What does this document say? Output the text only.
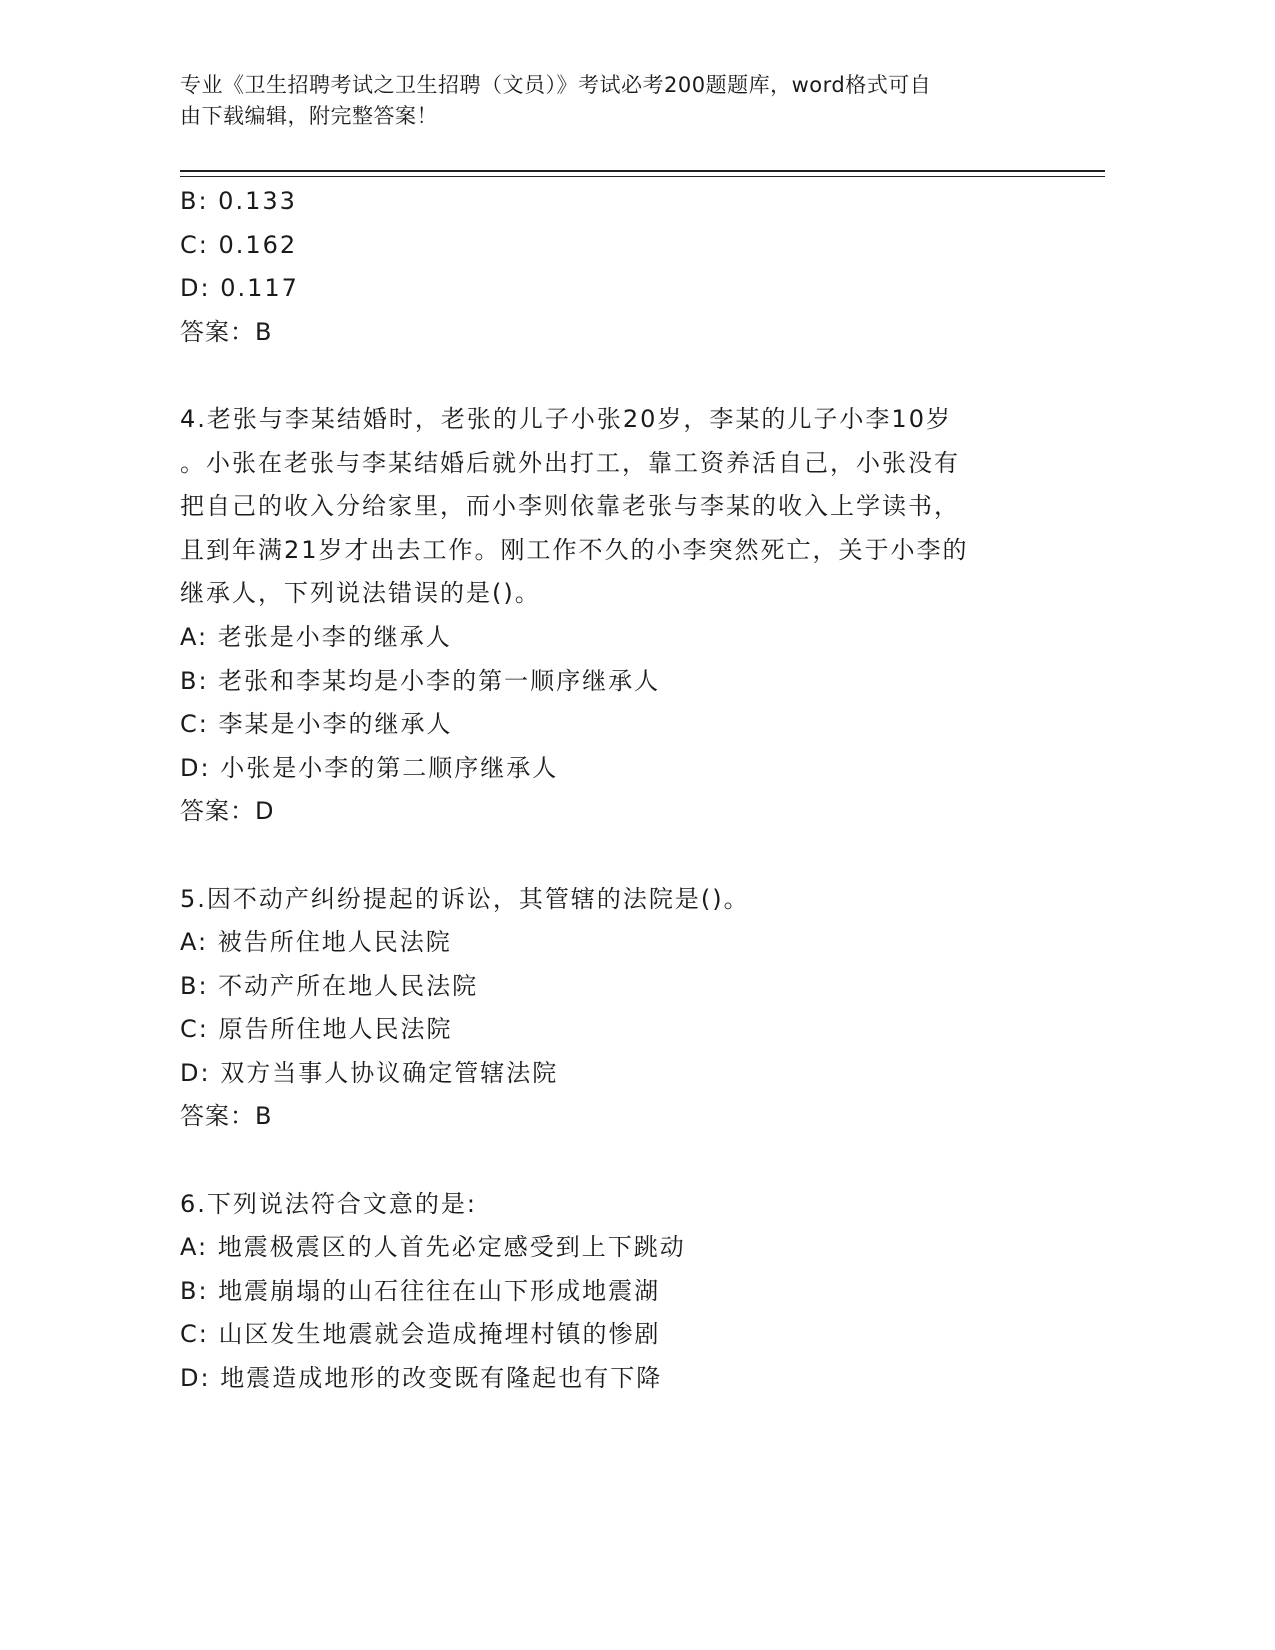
专业《卫生招聘考试之卫生招聘（文员）》考试必考200题题库，word格式可自

由下载编辑，附完整答案！

B: 0.133
C: 0.162
D: 0.117
答案：B
4.老张与李某结婚时，老张的儿子小张20岁，李某的儿子小李10岁
。小张在老张与李某结婚后就外出打工，靠工资养活自己，小张没有
把自己的收入分给家里，而小李则依靠老张与李某的收入上学读书，
且到年满21岁才出去工作。刚工作不久的小李突然死亡，关于小李的
继承人，下列说法错误的是()。
A: 老张是小李的继承人
B: 老张和李某均是小李的第一顺序继承人
C: 李某是小李的继承人
D: 小张是小李的第二顺序继承人
答案：D
5.因不动产纠纷提起的诉讼，其管辖的法院是()。
A: 被告所住地人民法院
B: 不动产所在地人民法院
C: 原告所住地人民法院
D: 双方当事人协议确定管辖法院
答案：B
6.下列说法符合文意的是:
A: 地震极震区的人首先必定感受到上下跳动
B: 地震崩塌的山石往往在山下形成地震湖
C: 山区发生地震就会造成掩埋村镇的惨剧
D: 地震造成地形的改变既有隆起也有下降
